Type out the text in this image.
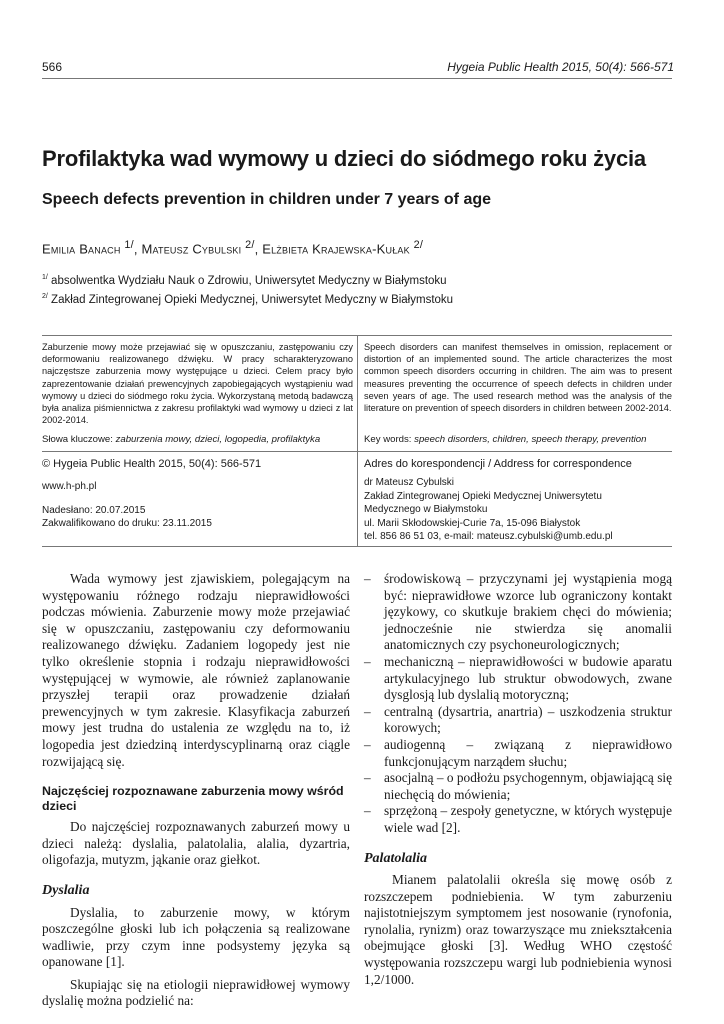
566	Hygeia Public Health 2015, 50(4): 566-571
Profilaktyka wad wymowy u dzieci do siódmego roku życia
Speech defects prevention in children under 7 years of age
Emilia Banach $^{1/}$, Mateusz Cybulski $^{2/}$, Elżbieta Krajewska-Kułak $^{2/}$
$^{1/}$ absolwentka Wydziału Nauk o Zdrowiu, Uniwersytet Medyczny w Białymstoku
$^{2/}$ Zakład Zintegrowanej Opieki Medycznej, Uniwersytet Medyczny w Białymstoku

Zaburzenie mowy może przejawiać się w opuszczaniu, zastępowaniu czy deformowaniu realizowanego dźwięku. W pracy scharakteryzowano najczęstsze zaburzenia mowy występujące u dzieci. Celem pracy było zaprezentowanie działań prewencyjnych zapobiegających wystąpieniu wad wymowy u dzieci do siódmego roku życia. Wykorzystaną metodą badawczą była analiza piśmiennictwa z zakresu profilaktyki wad wymowy u dzieci z lat 2002-2014.

Speech disorders can manifest themselves in omission, replacement or distortion of an implemented sound. The article characterizes the most common speech disorders occurring in children. The aim was to present measures preventing the occurrence of speech defects in children under seven years of age. The used research method was the analysis of the literature on prevention of speech disorders in children between 2002-2014.

Słowa kluczowe: zaburzenia mowy, dzieci, logopedia, profilaktyka	Key words: speech disorders, children, speech therapy, prevention
© Hygeia Public Health 2015, 50(4): 566-571
www.h-ph.pl
Nadesłano: 20.07.2015
Zakwalifikowano do druku: 23.11.2015
Adres do korespondencji / Address for correspondence
dr Mateusz Cybulski
Zakład Zintegrowanej Opieki Medycznej Uniwersytetu
Medycznego w Białymstoku
ul. Marii Skłodowskiej-Curie 7a, 15-096 Białystok
tel. 856 86 51 03, e-mail: mateusz.cybulski@umb.edu.pl

Wada wymowy jest zjawiskiem, polegającym na występowaniu różnego rodzaju nieprawidłowości podczas mówienia. Zaburzenie mowy może przejawiać się w opuszczaniu, zastępowaniu czy deformowaniu realizowanego dźwięku. Zadaniem logopedy jest nie tylko określenie stopnia i rodzaju nieprawidłowości występującej w wymowie, ale również zaplanowanie przyszłej terapii oraz prowadzenie działań prewencyjnych w tym zakresie. Klasyfikacja zaburzeń mowy jest trudna do ustalenia ze względu na to, iż logopedia jest dziedziną interdyscyplinarną oraz ciągle rozwijającą się.

Najczęściej rozpoznawane zaburzenia mowy wśród dzieci

Do najczęściej rozpoznawanych zaburzeń mowy u dzieci należą: dyslalia, palatolalia, alalia, dyzartria, oligofazja, mutyzm, jąkanie oraz giełkot.

Dyslalia

Dyslalia, to zaburzenie mowy, w którym poszczególne głoski lub ich połączenia są realizowane wadliwie, przy czym inne podsystemy języka są opanowane [1].

Skupiając się na etiologii nieprawidłowej wymowy dyslalię można podzielić na:

– środowiskową – przyczynami jej wystąpienia mogą być: nieprawidłowe wzorce lub ograniczony kontakt językowy, co skutkuje brakiem chęci do mówienia; jednocześnie nie stwierdza się anomalii anatomicznych czy psychoneurologicznych;
– mechaniczną – nieprawidłowości w budowie aparatu artykulacyjnego lub struktur obwodowych, zwane dysglosją lub dyslalią motoryczną;
– centralną (dysartria, anartria) – uszkodzenia struktur korowych;
– audiogenną – związaną z nieprawidłowo funkcjonującym narządem słuchu;
– asocjalną – o podłożu psychogennym, objawiającą się niechęcią do mówienia;
– sprzężoną – zespoły genetyczne, w których występuje wiele wad [2].
Palatolalia

Mianem palatolalii określa się mowę osób z rozszczepem podniebienia. W tym zaburzeniu najistotniejszym symptomem jest nosowanie (rynofonia, rynolalia, rynizm) oraz towarzyszące mu zniekształcenia obejmujące głoski [3]. Według WHO częstość występowania rozszczepu wargi lub podniebienia wynosi 1,2/1000.
